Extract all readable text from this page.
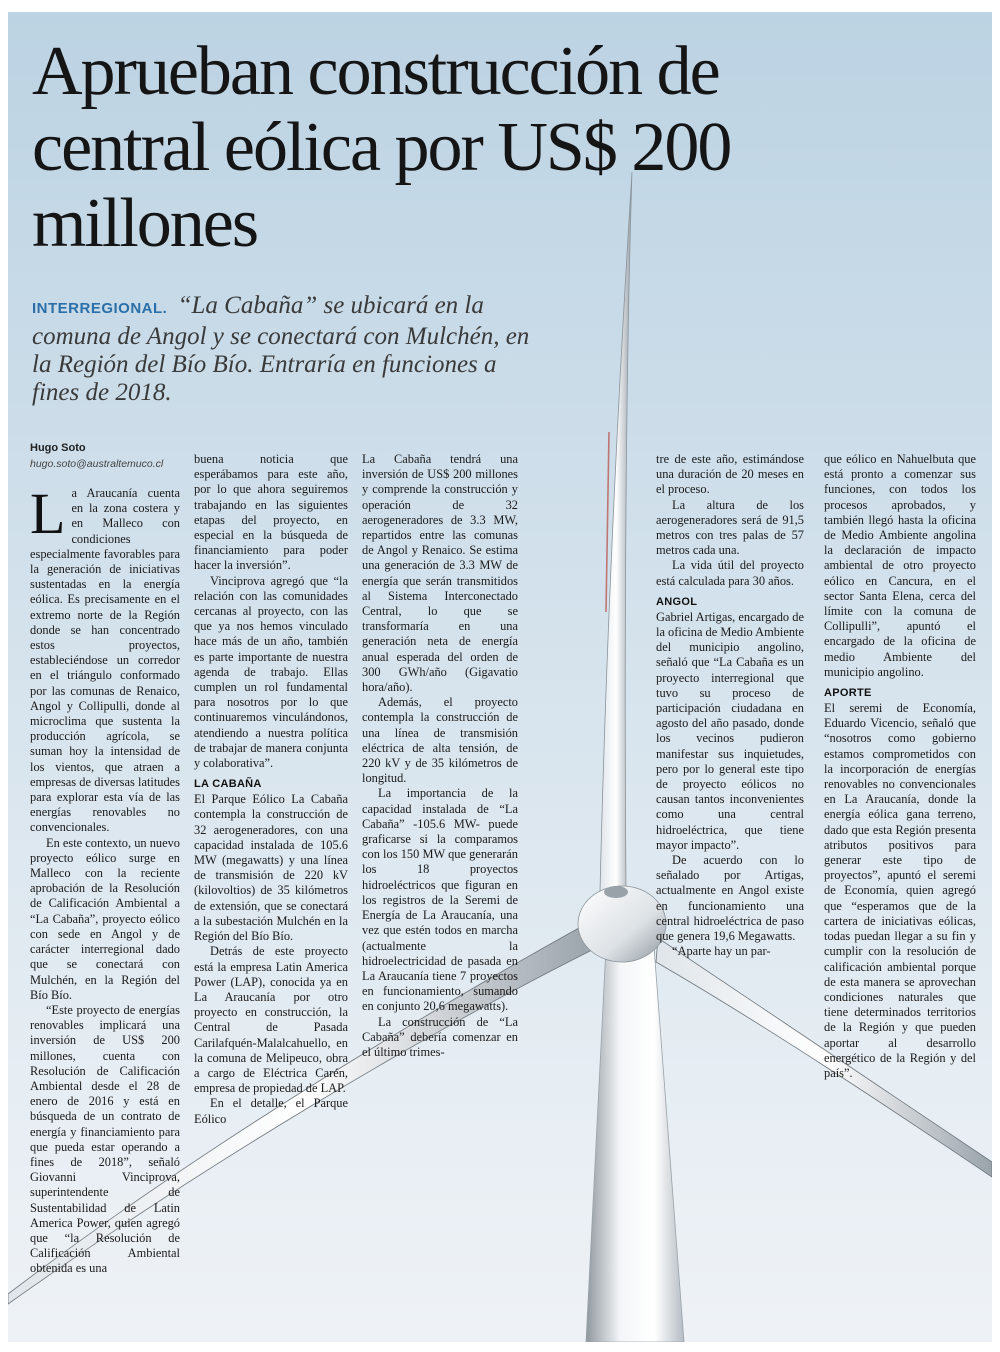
Aprueban construcción de central eólica por US$ 200 millones

INTERREGIONAL. “La Cabaña” se ubicará en la comuna de Angol y se conectará con Mulchén, en la Región del Bío Bío. Entraría en funciones a fines de 2018.

Hugo Soto
hugo.soto@australtemuco.cl

La Araucanía cuenta en la zona costera y en Malleco con condiciones especialmente favorables para la generación de iniciativas sustentadas en la energía eólica. Es precisamente en el extremo norte de la Región donde se han concentrado estos proyectos, estableciéndose un corredor en el triángulo conformado por las comunas de Renaico, Angol y Collipulli, donde al microclima que sustenta la producción agrícola, se suman hoy la intensidad de los vientos, que atraen a empresas de diversas latitudes para explorar esta vía de las energías renovables no convencionales.

En este contexto, un nuevo proyecto eólico surge en Malleco con la reciente aprobación de la Resolución de Calificación Ambiental a “La Cabaña”, proyecto eólico con sede en Angol y de carácter interregional dado que se conectará con Mulchén, en la Región del Bío Bío.

“Este proyecto de energías renovables implicará una inversión de US$ 200 millones, cuenta con Resolución de Calificación Ambiental desde el 28 de enero de 2016 y está en búsqueda de un contrato de energía y financiamiento para que pueda estar operando a fines de 2018”, señaló Giovanni Vinciprova, superintendente de Sustentabilidad de Latin America Power, quien agregó que “la Resolución de Calificación Ambiental obtenida es una

buena noticia que esperábamos para este año, por lo que ahora seguiremos trabajando en las siguientes etapas del proyecto, en especial en la búsqueda de financiamiento para poder hacer la inversión”.

Vinciprova agregó que “la relación con las comunidades cercanas al proyecto, con las que ya nos hemos vinculado hace más de un año, también es parte importante de nuestra agenda de trabajo. Ellas cumplen un rol fundamental para nosotros por lo que continuaremos vinculándonos, atendiendo a nuestra política de trabajar de manera conjunta y colaborativa”.

LA CABAÑA

El Parque Eólico La Cabaña contempla la construcción de 32 aerogeneradores, con una capacidad instalada de 105.6 MW (megawatts) y una línea de transmisión de 220 kV (kilovoltios) de 35 kilómetros de extensión, que se conectará a la subestación Mulchén en la Región del Bío Bío.

Detrás de este proyecto está la empresa Latin America Power (LAP), conocida ya en La Araucanía por otro proyecto en construcción, la Central de Pasada Carilafquén-Malalcahuello, en la comuna de Melipeuco, obra a cargo de Eléctrica Carén, empresa de propiedad de LAP.

En el detalle, el Parque Eólico

La Cabaña tendrá una inversión de US$ 200 millones y comprende la construcción y operación de 32 aerogeneradores de 3.3 MW, repartidos entre las comunas de Angol y Renaico. Se estima una generación de 3.3 MW de energía que serán transmitidos al Sistema Interconectado Central, lo que se transformaría en una generación neta de energía anual esperada del orden de 300 GWh/año (Gigavatio hora/año).

Además, el proyecto contempla la construcción de una línea de transmisión eléctrica de alta tensión, de 220 kV y de 35 kilómetros de longitud.

La importancia de la capacidad instalada de “La Cabaña” -105.6 MW- puede graficarse si la comparamos con los 150 MW que generarán los 18 proyectos hidroeléctricos que figuran en los registros de la Seremi de Energía de La Araucanía, una vez que estén todos en marcha (actualmente la hidroelectricidad de pasada en La Araucanía tiene 7 proyectos en funcionamiento, sumando en conjunto 20,6 megawatts).

La construcción de “La Cabaña” debería comenzar en el último trimes-

tre de este año, estimándose una duración de 20 meses en el proceso.

La altura de los aerogeneradores será de 91,5 metros con tres palas de 57 metros cada una.

La vida útil del proyecto está calculada para 30 años.

ANGOL

Gabriel Artigas, encargado de la oficina de Medio Ambiente del municipio angolino, señaló que “La Cabaña es un proyecto interregional que tuvo su proceso de participación ciudadana en agosto del año pasado, donde los vecinos pudieron manifestar sus inquietudes, pero por lo general este tipo de proyecto eólicos no causan tantos inconvenientes como una central hidroeléctrica, que tiene mayor impacto”.

De acuerdo con lo señalado por Artigas, actualmente en Angol existe en funcionamiento una central hidroeléctrica de paso que genera 19,6 Megawatts.

“Aparte hay un par-

que eólico en Nahuelbuta que está pronto a comenzar sus funciones, con todos los procesos aprobados, y también llegó hasta la oficina de Medio Ambiente angolina la declaración de impacto ambiental de otro proyecto eólico en Cancura, en el sector Santa Elena, cerca del límite con la comuna de Collipulli”, apuntó el encargado de la oficina de medio Ambiente del municipio angolino.

APORTE

El seremi de Economía, Eduardo Vicencio, señaló que “nosotros como gobierno estamos comprometidos con la incorporación de energías renovables no convencionales en La Araucanía, donde la energía eólica gana terreno, dado que esta Región presenta atributos positivos para generar este tipo de proyectos”, apuntó el seremi de Economía, quien agregó que “esperamos que de la cartera de iniciativas eólicas, todas puedan llegar a su fin y cumplir con la resolución de calificación ambiental porque de esta manera se aprovechan condiciones naturales que tiene determinados territorios de la Región y que pueden aportar al desarrollo energético de la Región y del país”.
